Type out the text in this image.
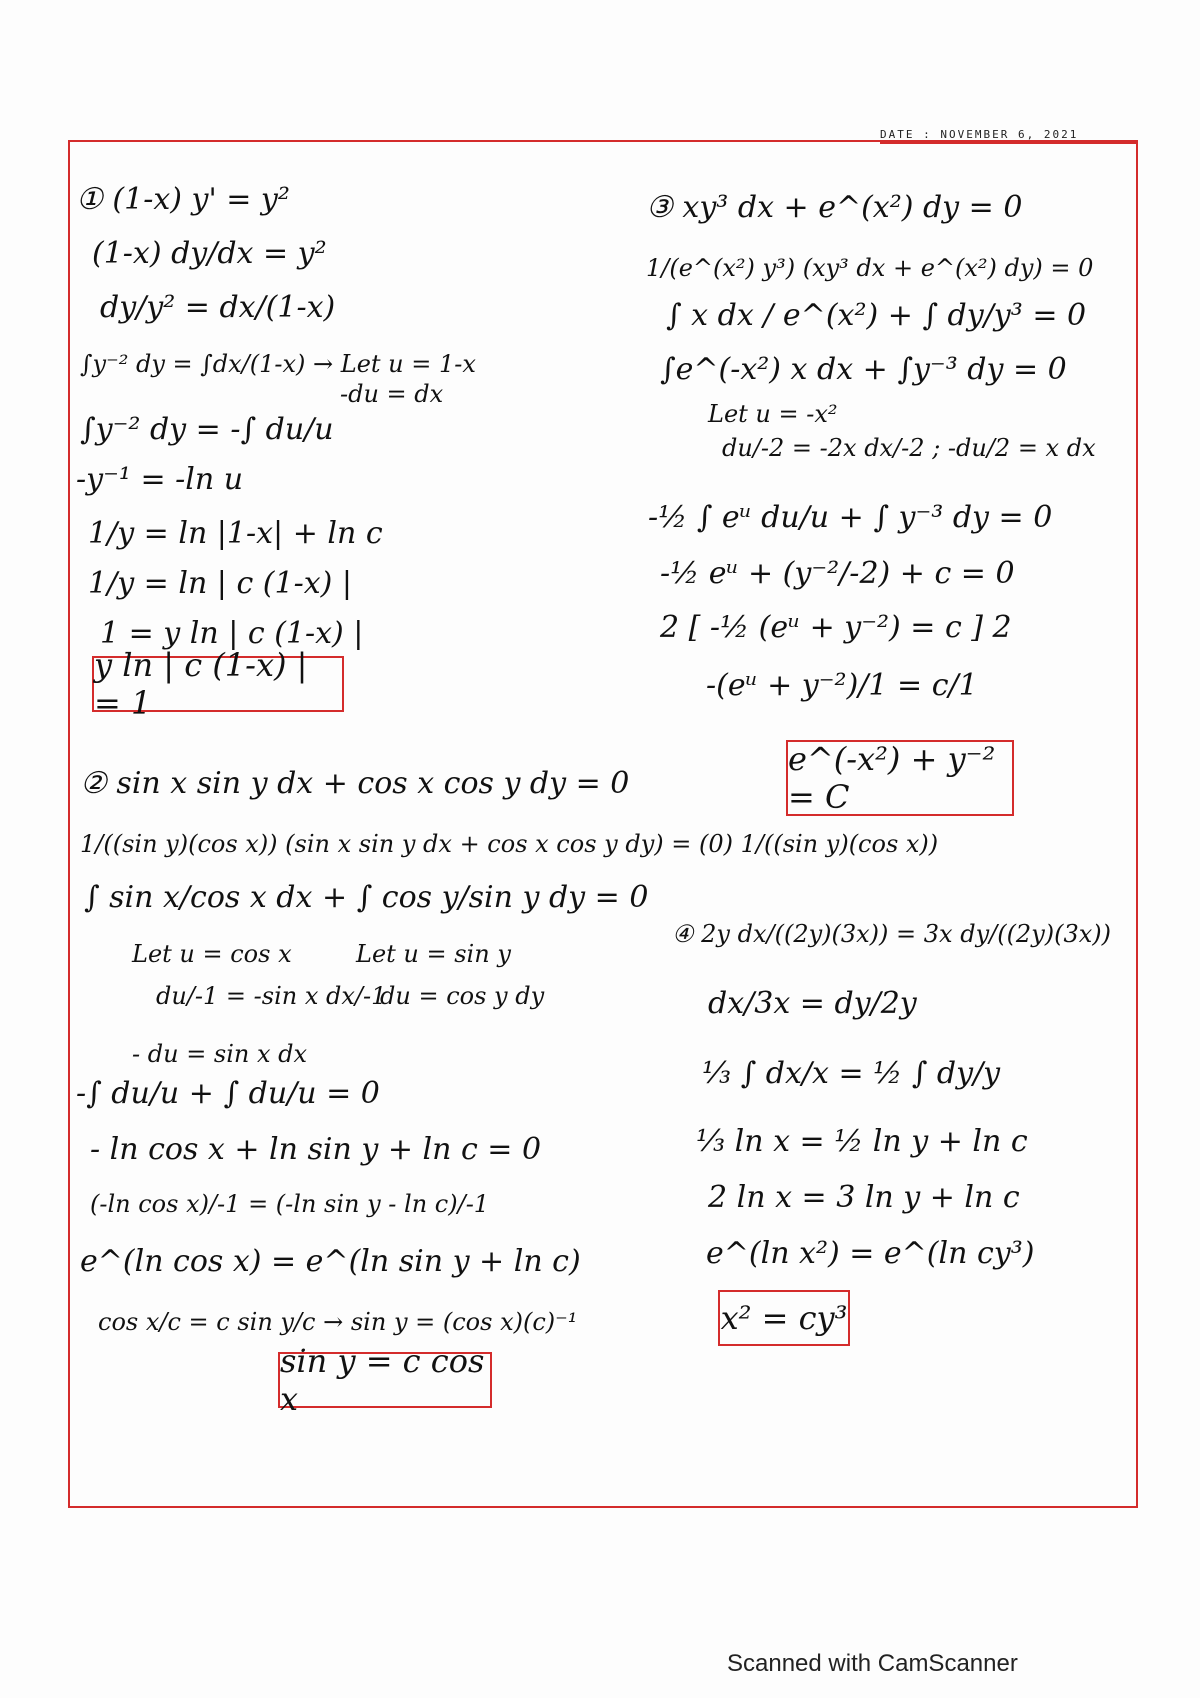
DATE : NOVEMBER 6, 2021
① (1-x) y' = y²
(1-x) dy/dx = y²
dy/y² = dx/(1-x)
∫y⁻² dy = ∫dx/(1-x) → Let u = 1-x
-du = dx
∫y⁻² dy = -∫ du/u
-y⁻¹ = -ln u
1/y = ln |1-x| + ln c
1/y = ln | c (1-x) |
1 = y ln | c (1-x) |
y ln | c (1-x) | = 1
③ xy³ dx + e^(x²) dy = 0
1/(e^(x²) y³) (xy³ dx + e^(x²) dy) = 0
∫ x dx / e^(x²) + ∫ dy/y³ = 0
∫e^(-x²) x dx + ∫y⁻³ dy = 0
Let u = -x²
du/-2 = -2x dx/-2 ; -du/2 = x dx
-½ ∫ eᵘ du/u + ∫ y⁻³ dy = 0
-½ eᵘ + (y⁻²/-2) + c = 0
2 [ -½ (eᵘ + y⁻²) = c ] 2
-(eᵘ + y⁻²)/1 = c/1
e^(-x²) + y⁻² = C
② sin x sin y dx + cos x cos y dy = 0
1/((sin y)(cos x)) (sin x sin y dx + cos x cos y dy) = (0) 1/((sin y)(cos x))
∫ sin x/cos x dx + ∫ cos y/sin y dy = 0
Let u = cos x	Let u = sin y
du/-1 = -sin x dx/-1
du = cos y dy
- du = sin x dx
-∫ du/u + ∫ du/u = 0
- ln cos x + ln sin y + ln c = 0
(-ln cos x)/-1 = (-ln sin y - ln c)/-1
e^(ln cos x) = e^(ln sin y + ln c)
cos x/c = c sin y/c → sin y = (cos x)(c)⁻¹
sin y = c cos x
④ 2y dx/((2y)(3x)) = 3x dy/((2y)(3x))
dx/3x = dy/2y
⅓ ∫ dx/x = ½ ∫ dy/y
⅓ ln x = ½ ln y + ln c
2 ln x = 3 ln y + ln c
e^(ln x²) = e^(ln cy³)
x² = cy³
Scanned with CamScanner
